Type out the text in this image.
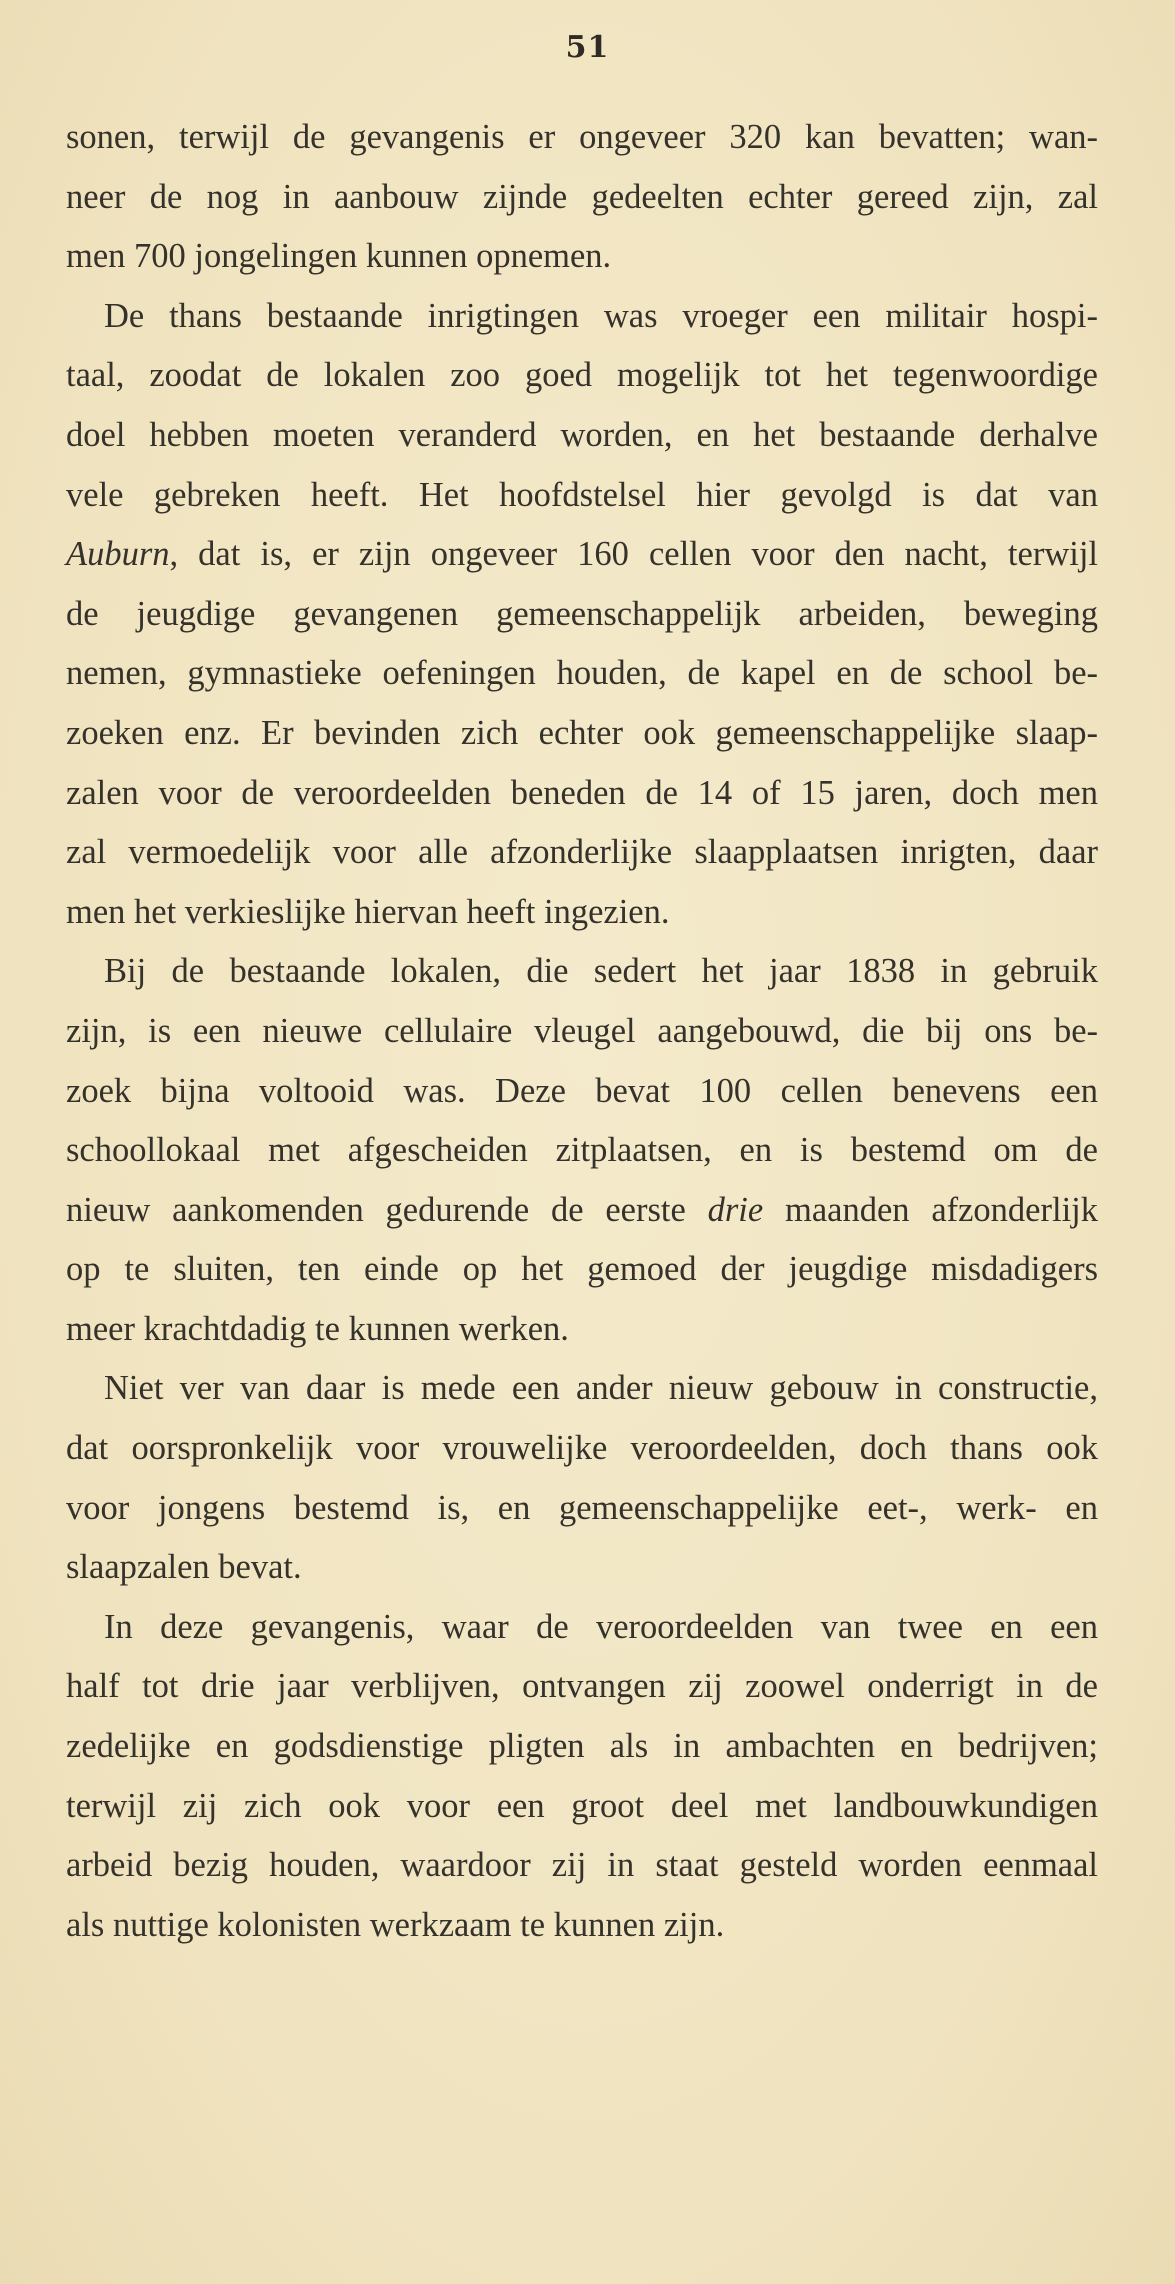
51
sonen, terwijl de gevangenis er ongeveer 320 kan bevatten; wan-
neer de nog in aanbouw zijnde gedeelten echter gereed zijn, zal
men 700 jongelingen kunnen opnemen.
De thans bestaande inrigtingen was vroeger een militair hospi-
taal, zoodat de lokalen zoo goed mogelijk tot het tegenwoordige
doel hebben moeten veranderd worden, en het bestaande derhalve
vele gebreken heeft. Het hoofdstelsel hier gevolgd is dat van
Auburn, dat is, er zijn ongeveer 160 cellen voor den nacht, terwijl
de jeugdige gevangenen gemeenschappelijk arbeiden, beweging
nemen, gymnastieke oefeningen houden, de kapel en de school be-
zoeken enz. Er bevinden zich echter ook gemeenschappelijke slaap-
zalen voor de veroordeelden beneden de 14 of 15 jaren, doch men
zal vermoedelijk voor alle afzonderlijke slaapplaatsen inrigten, daar
men het verkieslijke hiervan heeft ingezien.
Bij de bestaande lokalen, die sedert het jaar 1838 in gebruik
zijn, is een nieuwe cellulaire vleugel aangebouwd, die bij ons be-
zoek bijna voltooid was. Deze bevat 100 cellen benevens een
schoollokaal met afgescheiden zitplaatsen, en is bestemd om de
nieuw aankomenden gedurende de eerste drie maanden afzonderlijk
op te sluiten, ten einde op het gemoed der jeugdige misdadigers
meer krachtdadig te kunnen werken.
Niet ver van daar is mede een ander nieuw gebouw in constructie,
dat oorspronkelijk voor vrouwelijke veroordeelden, doch thans ook
voor jongens bestemd is, en gemeenschappelijke eet-, werk- en
slaapzalen bevat.
In deze gevangenis, waar de veroordeelden van twee en een
half tot drie jaar verblijven, ontvangen zij zoowel onderrigt in de
zedelijke en godsdienstige pligten als in ambachten en bedrijven;
terwijl zij zich ook voor een groot deel met landbouwkundigen
arbeid bezig houden, waardoor zij in staat gesteld worden eenmaal
als nuttige kolonisten werkzaam te kunnen zijn.
